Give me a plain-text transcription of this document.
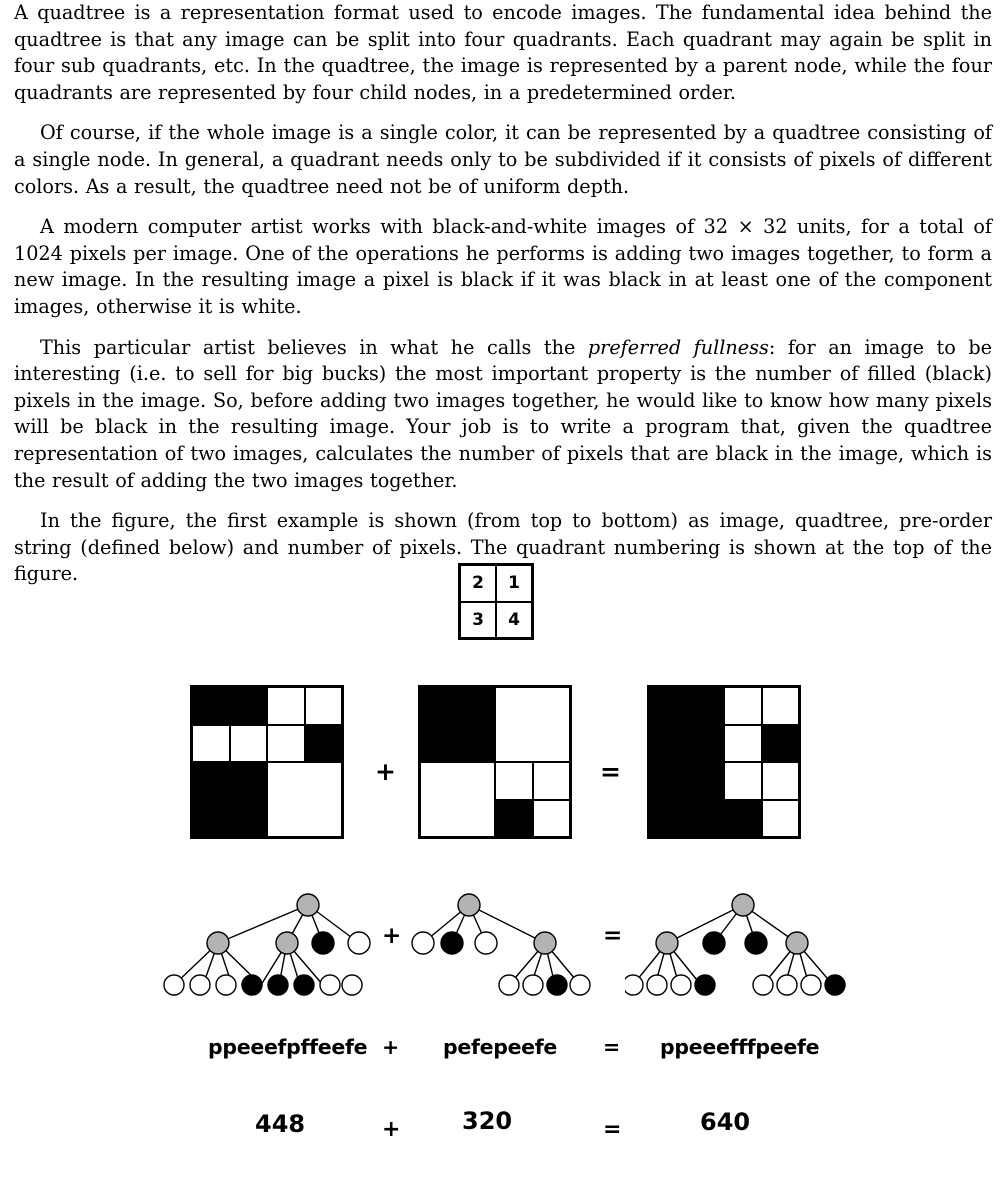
A quadtree is a representation format used to encode images. The fundamental idea behind the quadtree is that any image can be split into four quadrants. Each quadrant may again be split in four sub quadrants, etc. In the quadtree, the image is represented by a parent node, while the four quadrants are represented by four child nodes, in a predetermined order.

Of course, if the whole image is a single color, it can be represented by a quadtree consisting of a single node. In general, a quadrant needs only to be subdivided if it consists of pixels of different colors. As a result, the quadtree need not be of uniform depth.

A modern computer artist works with black-and-white images of 32 × 32 units, for a total of 1024 pixels per image. One of the operations he performs is adding two images together, to form a new image. In the resulting image a pixel is black if it was black in at least one of the component images, otherwise it is white.

This particular artist believes in what he calls the preferred fullness: for an image to be interesting (i.e. to sell for big bucks) the most important property is the number of filled (black) pixels in the image. So, before adding two images together, he would like to know how many pixels will be black in the resulting image. Your job is to write a program that, given the quadtree representation of two images, calculates the number of pixels that are black in the image, which is the result of adding the two images together.

In the figure, the first example is shown (from top to bottom) as image, quadtree, pre-order string (defined below) and number of pixels. The quadrant numbering is shown at the top of the figure.	2	1
3	4
+	=
+	=
ppeeefpffeefe + pefepeefe = ppeeefffpeefe
448	+	320	=	640
